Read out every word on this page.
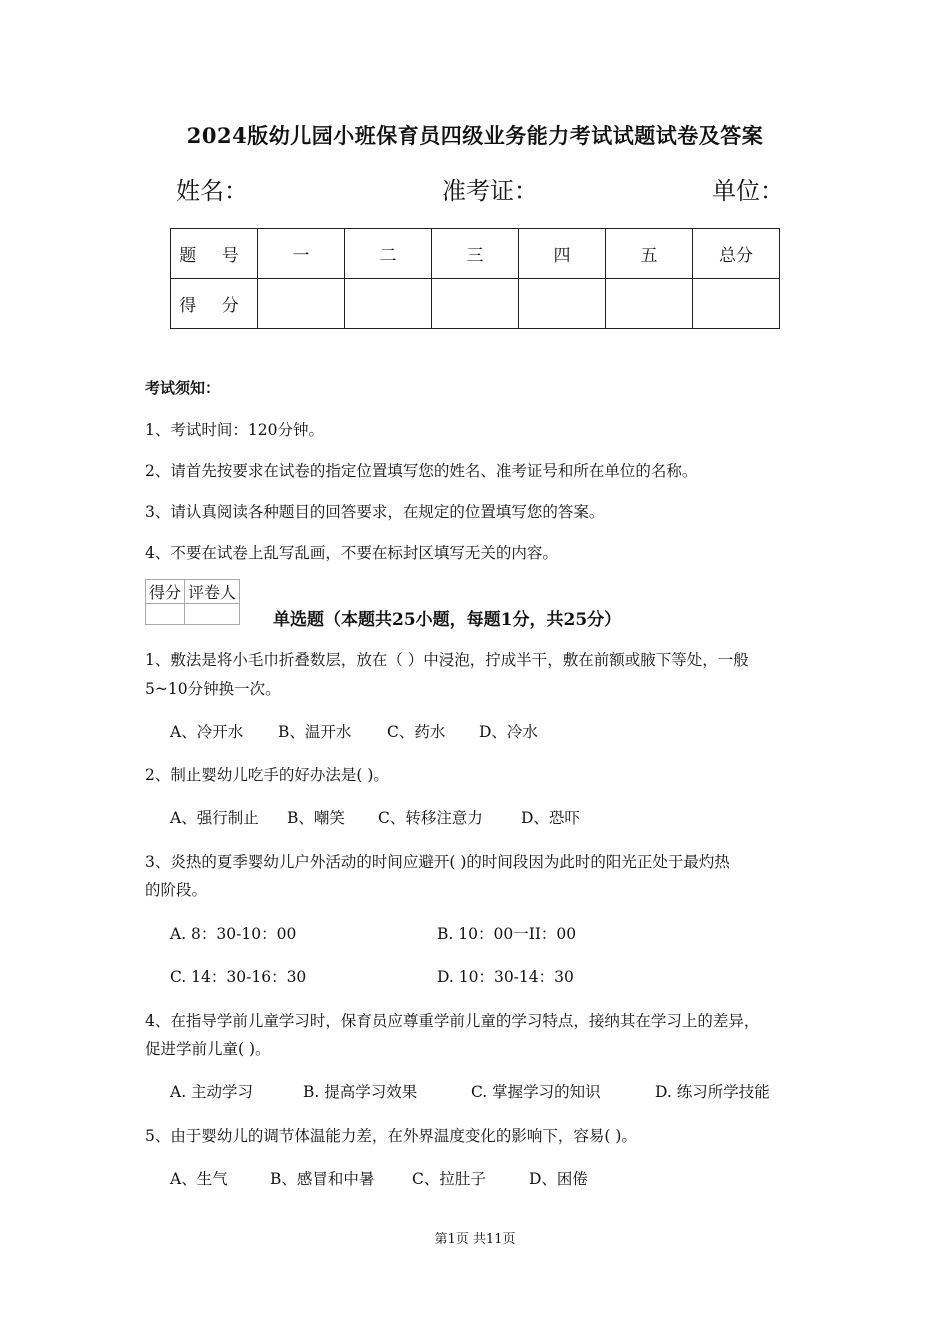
2024版幼儿园小班保育员四级业务能力考试试题试卷及答案
姓名：	准考证：	单位：
题 号	一	二	三	四	五	总分
得 分						
考试须知：
1、考试时间：120分钟。
2、请首先按要求在试卷的指定位置填写您的姓名、准考证号和所在单位的名称。
3、请认真阅读各种题目的回答要求，在规定的位置填写您的答案。
4、不要在试卷上乱写乱画，不要在标封区填写无关的内容。
得分	评卷人

单选题（本题共25小题，每题1分，共25分）
1、敷法是将小毛巾折叠数层，放在（ ）中浸泡，拧成半干，敷在前额或腋下等处，一般
5~10分钟换一次。
A、冷开水 B、温开水 C、药水 D、冷水
2、制止婴幼儿吃手的好办法是( )。
A、强行制止 B、嘲笑 C、转移注意力 D、恐吓
3、炎热的夏季婴幼儿户外活动的时间应避开( )的时间段因为此时的阳光正处于最灼热
的阶段。
A. 8：30-10：00	B. 10：00一II：00
C. 14：30-16：30	D. 10：30-14：30
4、在指导学前儿童学习时，保育员应尊重学前儿童的学习特点，接纳其在学习上的差异，
促进学前儿童( )。
A. 主动学习	B. 提高学习效果	C. 掌握学习的知识	D. 练习所学技能
5、由于婴幼儿的调节体温能力差，在外界温度变化的影响下，容易( )。
A、生气	B、感冒和中暑 C、拉肚子	D、困倦
第1页 共11页
